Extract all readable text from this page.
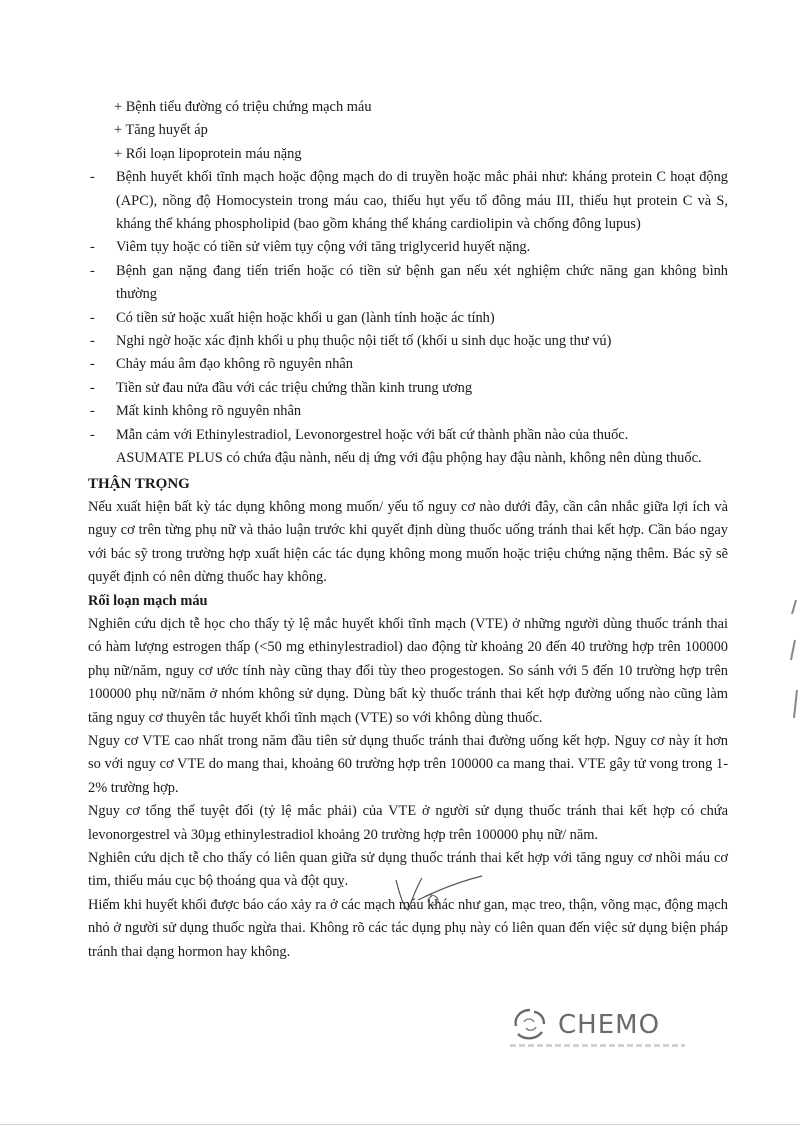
+ Bệnh tiểu đường có triệu chứng mạch máu
+ Tăng huyết áp
+ Rối loạn lipoprotein máu nặng
- Bệnh huyết khối tĩnh mạch hoặc động mạch do di truyền hoặc mắc phải như: kháng protein C hoạt động (APC), nồng độ Homocystein trong máu cao, thiếu hụt yếu tố đông máu III, thiếu hụt protein C và S, kháng thể kháng phospholipid (bao gồm kháng thể kháng cardiolipin và chống đông lupus)
- Viêm tụy hoặc có tiền sử viêm tụy cộng với tăng triglycerid huyết nặng.
- Bệnh gan nặng đang tiến triển hoặc có tiền sử bệnh gan nếu xét nghiệm chức năng gan không bình thường
- Có tiền sử hoặc xuất hiện hoặc khối u gan (lành tính hoặc ác tính)
- Nghi ngờ hoặc xác định khối u phụ thuộc nội tiết tố (khối u sinh dục hoặc ung thư vú)
- Chảy máu âm đạo không rõ nguyên nhân
- Tiền sử đau nửa đầu với các triệu chứng thần kinh trung ương
- Mất kinh không rõ nguyên nhân
- Mẫn cảm với Ethinylestradiol, Levonorgestrel hoặc với bất cứ thành phần nào của thuốc.
ASUMATE PLUS có chứa đậu nành, nếu dị ứng với đậu phộng hay đậu nành, không nên dùng thuốc.
THẬN TRỌNG

Nếu xuất hiện bất kỳ tác dụng không mong muốn/ yếu tố nguy cơ nào dưới đây, cần cân nhắc giữa lợi ích và nguy cơ trên từng phụ nữ và thảo luận trước khi quyết định dùng thuốc uống tránh thai kết hợp. Cần báo ngay với bác sỹ trong trường hợp xuất hiện các tác dụng không mong muốn hoặc triệu chứng nặng thêm. Bác sỹ sẽ quyết định có nên dừng thuốc hay không.

Rối loạn mạch máu

Nghiên cứu dịch tễ học cho thấy tỷ lệ mắc huyết khối tĩnh mạch (VTE) ở những người dùng thuốc tránh thai có hàm lượng estrogen thấp (<50 mg ethinylestradiol) dao động từ khoảng 20 đến 40 trường hợp trên 100000 phụ nữ/năm, nguy cơ ước tính này cũng thay đổi tùy theo progestogen. So sánh với 5 đến 10 trường hợp trên 100000 phụ nữ/năm ở nhóm không sử dụng. Dùng bất kỳ thuốc tránh thai kết hợp đường uống nào cũng làm tăng nguy cơ thuyên tắc huyết khối tĩnh mạch (VTE) so với không dùng thuốc.

Nguy cơ VTE cao nhất trong năm đầu tiên sử dụng thuốc tránh thai đường uống kết hợp. Nguy cơ này ít hơn so với nguy cơ VTE do mang thai, khoảng 60 trường hợp trên 100000 ca mang thai. VTE gây tử vong trong 1-2% trường hợp.

Nguy cơ tổng thể tuyệt đối (tỷ lệ mắc phải) của VTE ở người sử dụng thuốc tránh thai kết hợp có chứa levonorgestrel và 30µg ethinylestradiol khoảng 20 trường hợp trên 100000 phụ nữ/ năm.

Nghiên cứu dịch tễ cho thấy có liên quan giữa sử dụng thuốc tránh thai kết hợp với tăng nguy cơ nhồi máu cơ tim, thiếu máu cục bộ thoáng qua và đột quỵ.

Hiếm khi huyết khối được báo cáo xảy ra ở các mạch máu khác như gan, mạc treo, thận, võng mạc, động mạch nhỏ ở người sử dụng thuốc ngừa thai. Không rõ các tác dụng phụ này có liên quan đến việc sử dụng biện pháp tránh thai dạng hormon hay không.

CHEMO
